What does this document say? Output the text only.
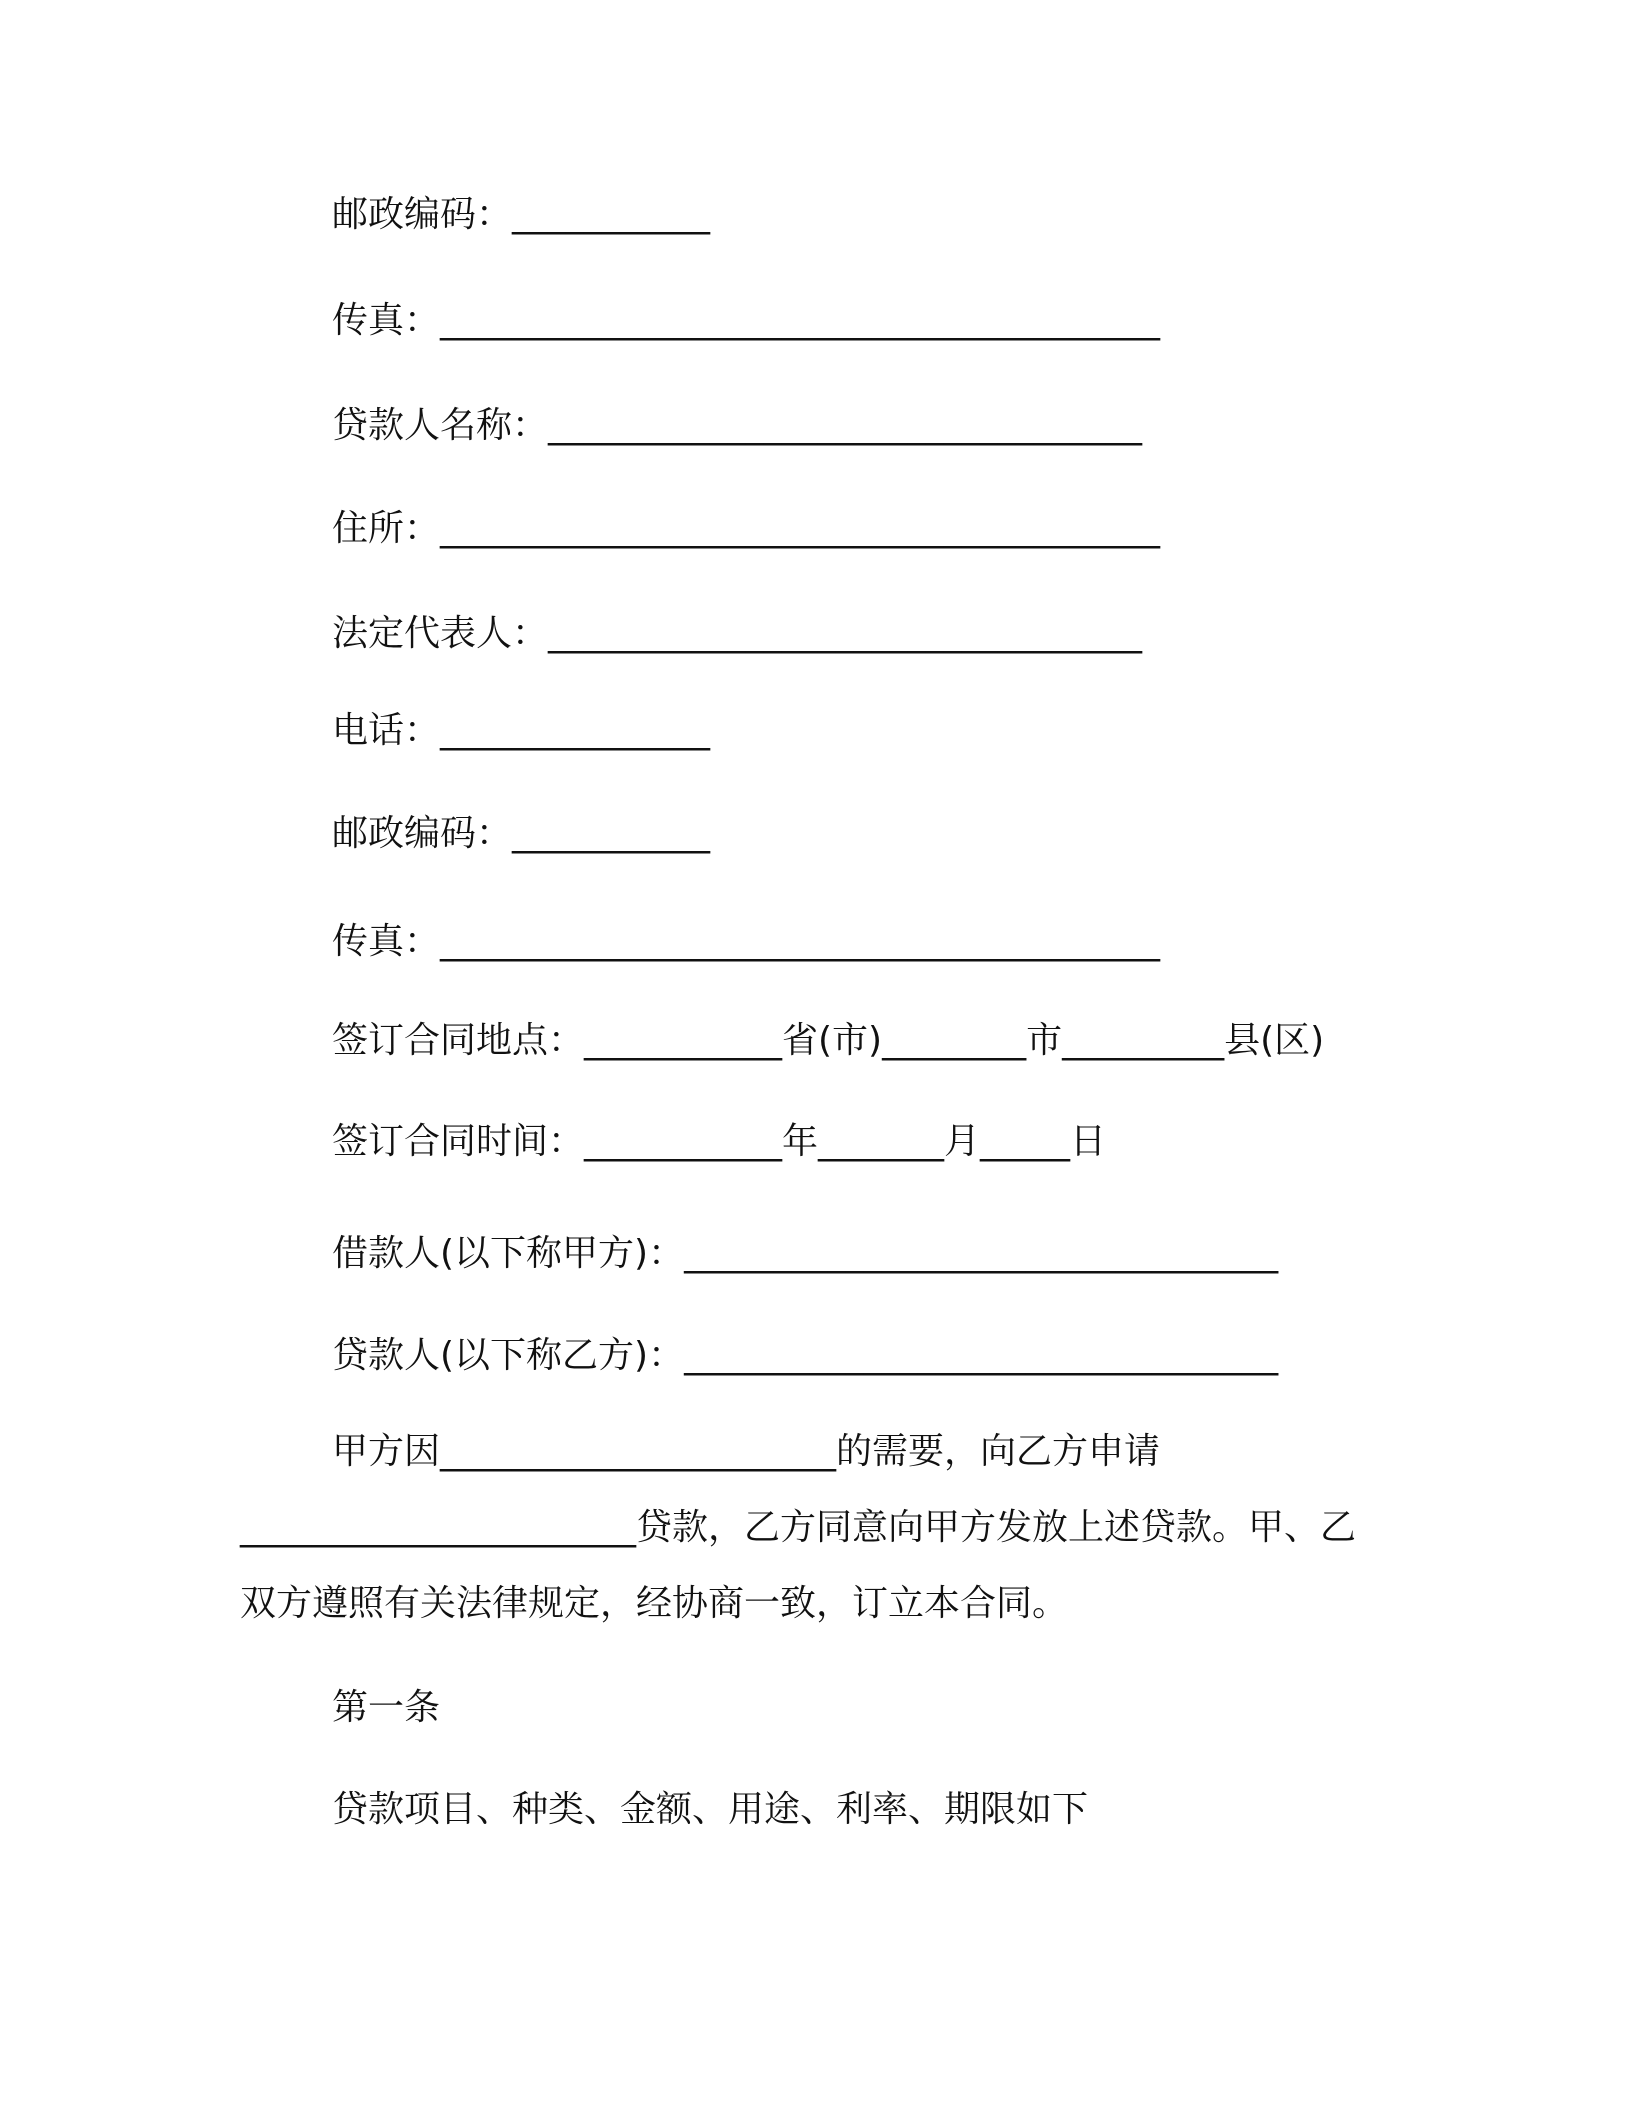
邮政编码：___________
传真：________________________________________
贷款人名称：_________________________________
住所：________________________________________
法定代表人：_________________________________
电话：_______________
邮政编码：___________
传真：________________________________________
签订合同地点：___________省(市)________市_________县(区)
签订合同时间：___________年_______月_____日
借款人(以下称甲方)：_________________________________
贷款人(以下称乙方)：_________________________________
甲方因______________________的需要，向乙方申请______________________贷款，乙方同意向甲方发放上述贷款。甲、乙双方遵照有关法律规定，经协商一致，订立本合同。
第一条
贷款项目、种类、金额、用途、利率、期限如下
